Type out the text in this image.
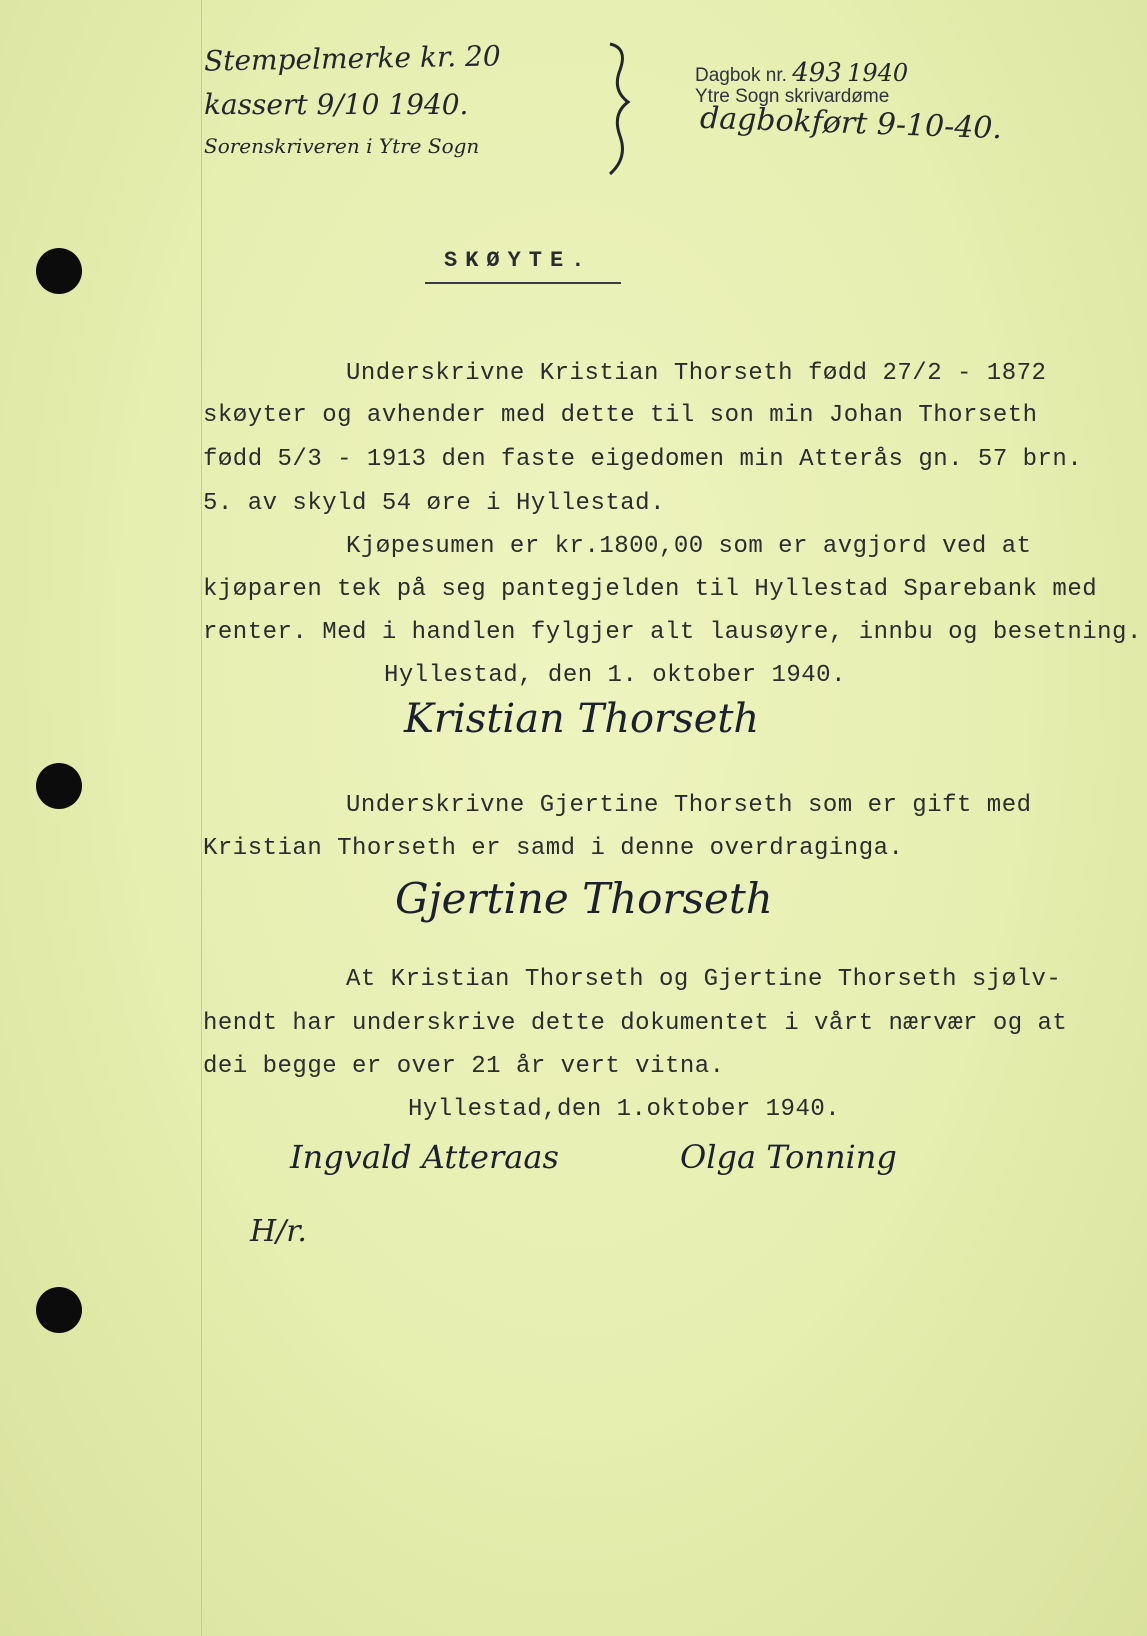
Stempelmerke kr. 20
kassert 9/10 1940.
Sorenskriveren i Ytre Sogn
Dagbok nr. 493 1940
Ytre Sogn skrivardøme
dagbokført 9-10-40.
SKØYTE.
Underskrivne Kristian Thorseth fødd 27/2 - 1872
skøyter og avhender med dette til son min Johan Thorseth
fødd 5/3 - 1913 den faste eigedomen min Atterås gn. 57 brn.
5. av skyld 54 øre i Hyllestad.
Kjøpesumen er kr.1800,00 som er avgjord ved at
kjøparen tek på seg pantegjelden til Hyllestad Sparebank med
renter. Med i handlen fylgjer alt lausøyre, innbu og besetning.
Hyllestad, den 1. oktober 1940.
Kristian Thorseth
Underskrivne Gjertine Thorseth som er gift med
Kristian Thorseth er samd i denne overdraginga.
Gjertine Thorseth
At Kristian Thorseth og Gjertine Thorseth sjølv-
hendt har underskrive dette dokumentet i vårt nærvær og at
dei begge er over 21 år vert vitna.
Hyllestad,den 1.oktober 1940.
Ingvald Atteraas	Olga Tonning
H/r.
